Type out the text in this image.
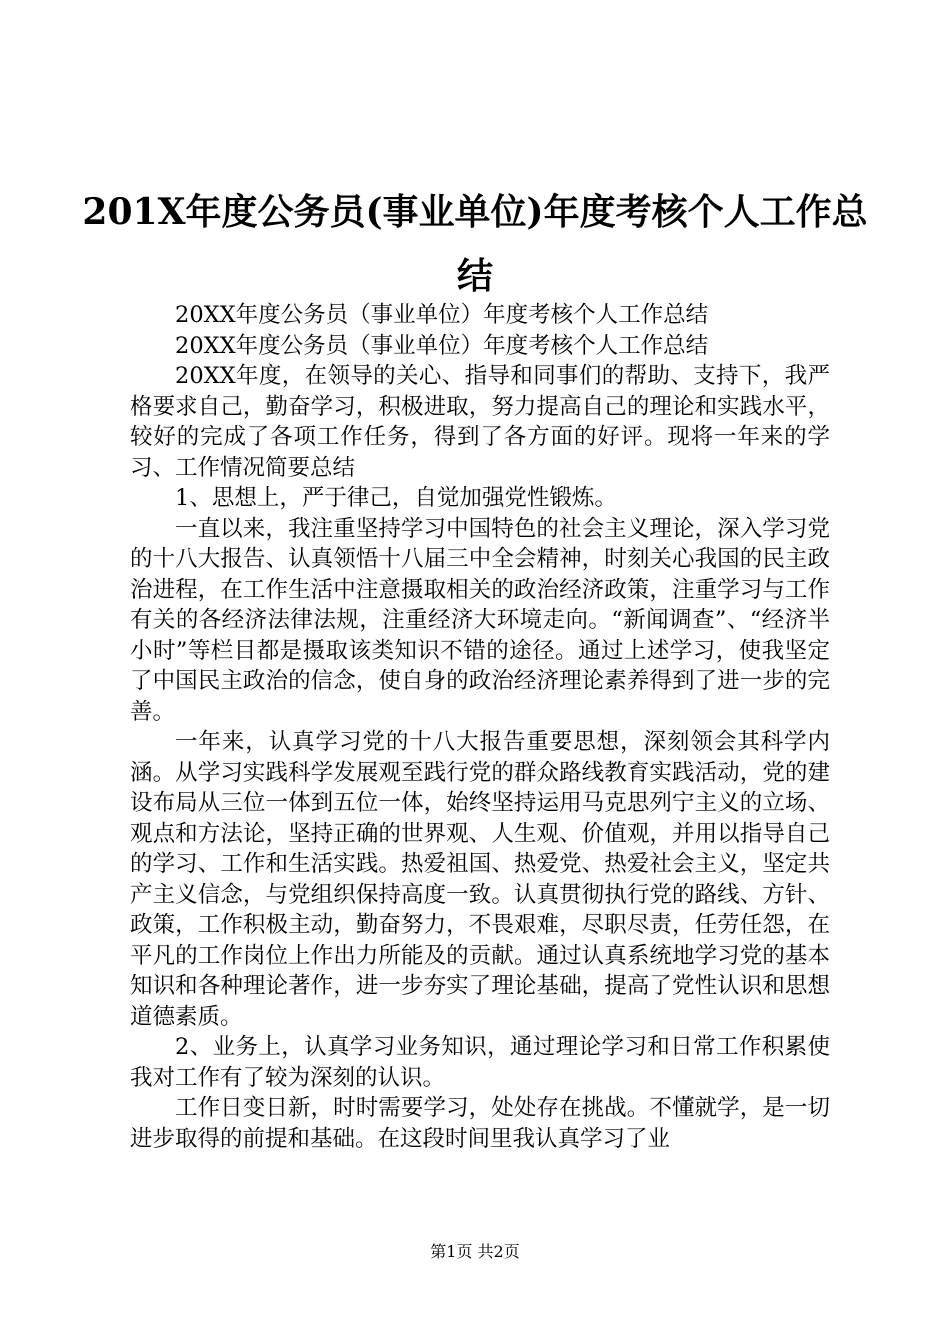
201X年度公务员(事业单位)年度考核个人工作总结

20XX年度公务员（事业单位）年度考核个人工作总结

20XX年度公务员（事业单位）年度考核个人工作总结

20XX年度，在领导的关心、指导和同事们的帮助、支持下，我严格要求自己，勤奋学习，积极进取，努力提高自己的理论和实践水平，较好的完成了各项工作任务，得到了各方面的好评。现将一年来的学习、工作情况简要总结

1、思想上，严于律己，自觉加强党性锻炼。

一直以来，我注重坚持学习中国特色的社会主义理论，深入学习党的十八大报告、认真领悟十八届三中全会精神，时刻关心我国的民主政治进程，在工作生活中注意摄取相关的政治经济政策，注重学习与工作有关的各经济法律法规，注重经济大环境走向。“新闻调查”、“经济半小时”等栏目都是摄取该类知识不错的途径。通过上述学习，使我坚定了中国民主政治的信念，使自身的政治经济理论素养得到了进一步的完善。

一年来，认真学习党的十八大报告重要思想，深刻领会其科学内涵。从学习实践科学发展观至践行党的群众路线教育实践活动，党的建设布局从三位一体到五位一体，始终坚持运用马克思列宁主义的立场、观点和方法论，坚持正确的世界观、人生观、价值观，并用以指导自己的学习、工作和生活实践。热爱祖国、热爱党、热爱社会主义，坚定共产主义信念，与党组织保持高度一致。认真贯彻执行党的路线、方针、政策，工作积极主动，勤奋努力，不畏艰难，尽职尽责，任劳任怨，在平凡的工作岗位上作出力所能及的贡献。通过认真系统地学习党的基本知识和各种理论著作，进一步夯实了理论基础，提高了党性认识和思想道德素质。

2、业务上，认真学习业务知识，通过理论学习和日常工作积累使我对工作有了较为深刻的认识。

工作日变日新，时时需要学习，处处存在挑战。不懂就学，是一切进步取得的前提和基础。在这段时间里我认真学习了业

第1页 共2页
